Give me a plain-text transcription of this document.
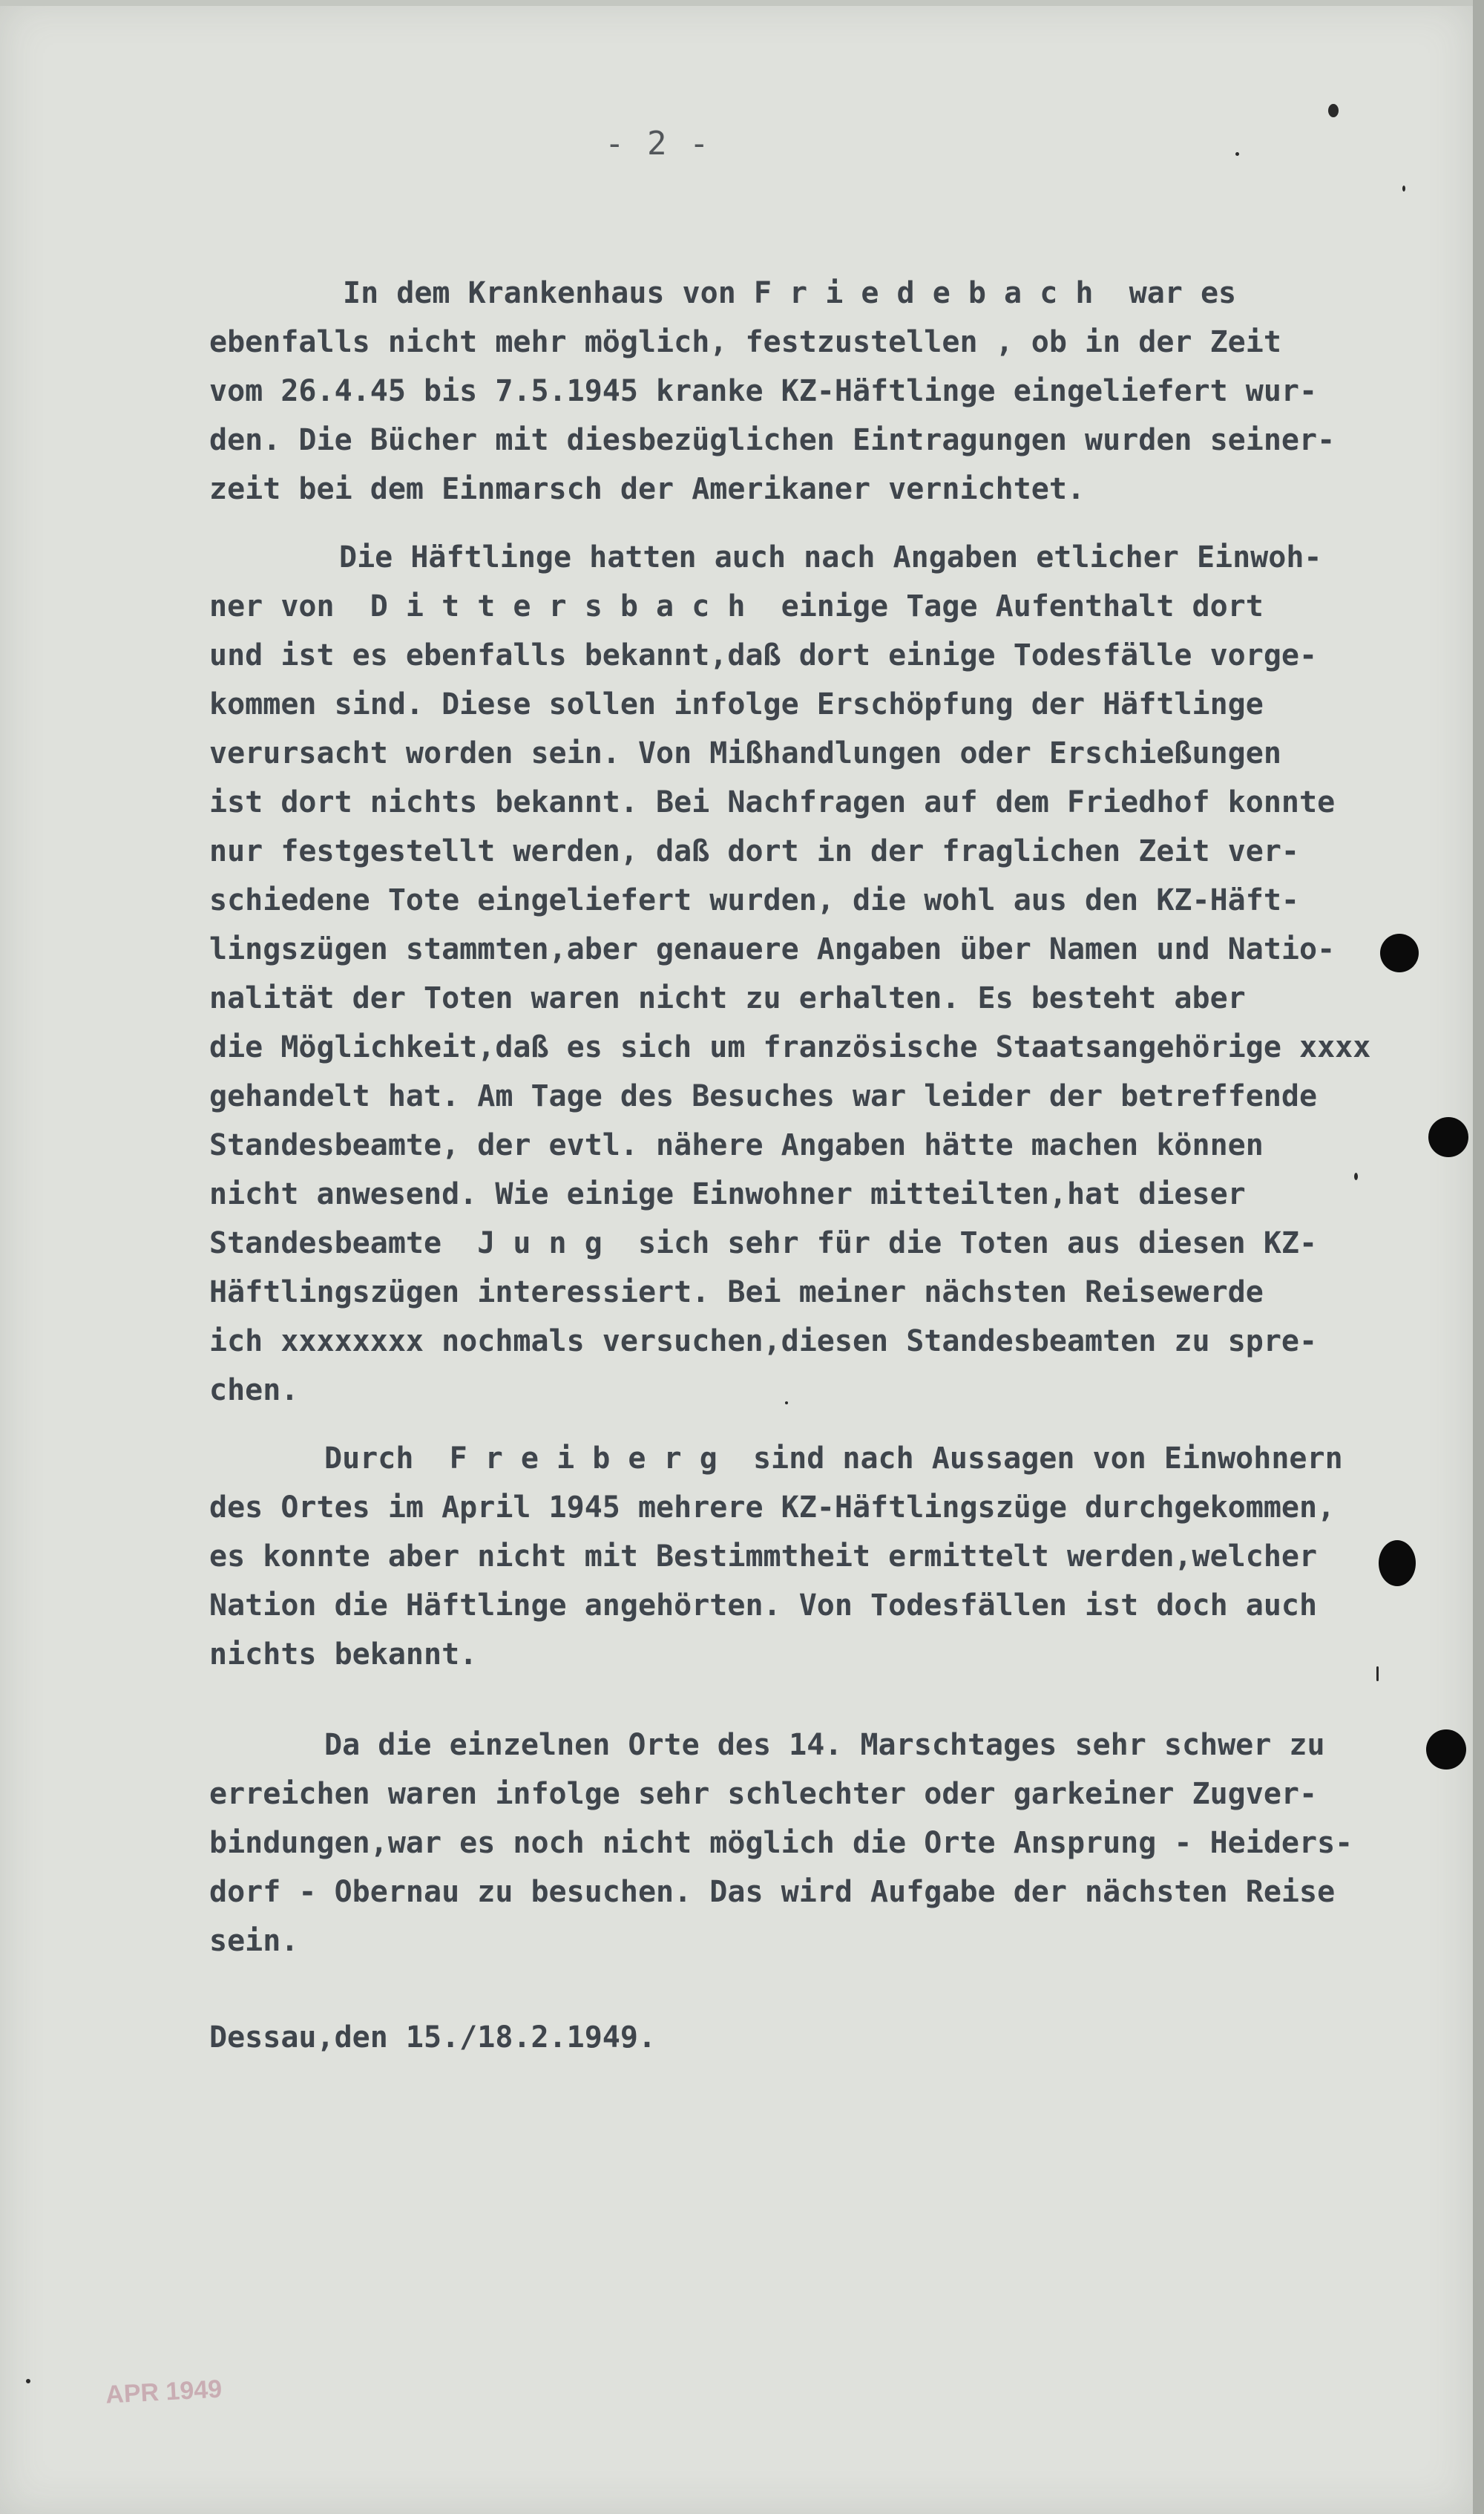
- 2 -
In dem Krankenhaus von F r i e d e b a c h  war es
ebenfalls nicht mehr möglich, festzustellen , ob in der Zeit
vom 26.4.45 bis 7.5.1945 kranke KZ-Häftlinge eingeliefert wur-
den. Die Bücher mit diesbezüglichen Eintragungen wurden seiner-
zeit bei dem Einmarsch der Amerikaner vernichtet.
Die Häftlinge hatten auch nach Angaben etlicher Einwoh-
ner von  D i t t e r s b a c h  einige Tage Aufenthalt dort
und ist es ebenfalls bekannt,daß dort einige Todesfälle vorge-
kommen sind. Diese sollen infolge Erschöpfung der Häftlinge
verursacht worden sein. Von Mißhandlungen oder Erschießungen
ist dort nichts bekannt. Bei Nachfragen auf dem Friedhof konnte
nur festgestellt werden, daß dort in der fraglichen Zeit ver-
schiedene Tote eingeliefert wurden, die wohl aus den KZ-Häft-
lingszügen stammten,aber genauere Angaben über Namen und Natio-
nalität der Toten waren nicht zu erhalten. Es besteht aber
die Möglichkeit,daß es sich um französische Staatsangehörige xxxx
gehandelt hat. Am Tage des Besuches war leider der betreffende
Standesbeamte, der evtl. nähere Angaben hätte machen können
nicht anwesend. Wie einige Einwohner mitteilten,hat dieser
Standesbeamte  J u n g  sich sehr für die Toten aus diesen KZ-
Häftlingszügen interessiert. Bei meiner nächsten Reisewerde
ich xxxxxxxx nochmals versuchen,diesen Standesbeamten zu spre-
chen.
Durch  F r e i b e r g  sind nach Aussagen von Einwohnern
des Ortes im April 1945 mehrere KZ-Häftlingszüge durchgekommen,
es konnte aber nicht mit Bestimmtheit ermittelt werden,welcher
Nation die Häftlinge angehörten. Von Todesfällen ist doch auch
nichts bekannt.
Da die einzelnen Orte des 14. Marschtages sehr schwer zu
erreichen waren infolge sehr schlechter oder garkeiner Zugver-
bindungen,war es noch nicht möglich die Orte Ansprung - Heiders-
dorf - Obernau zu besuchen. Das wird Aufgabe der nächsten Reise
sein.
Dessau,den 15./18.2.1949.
APR 1949
